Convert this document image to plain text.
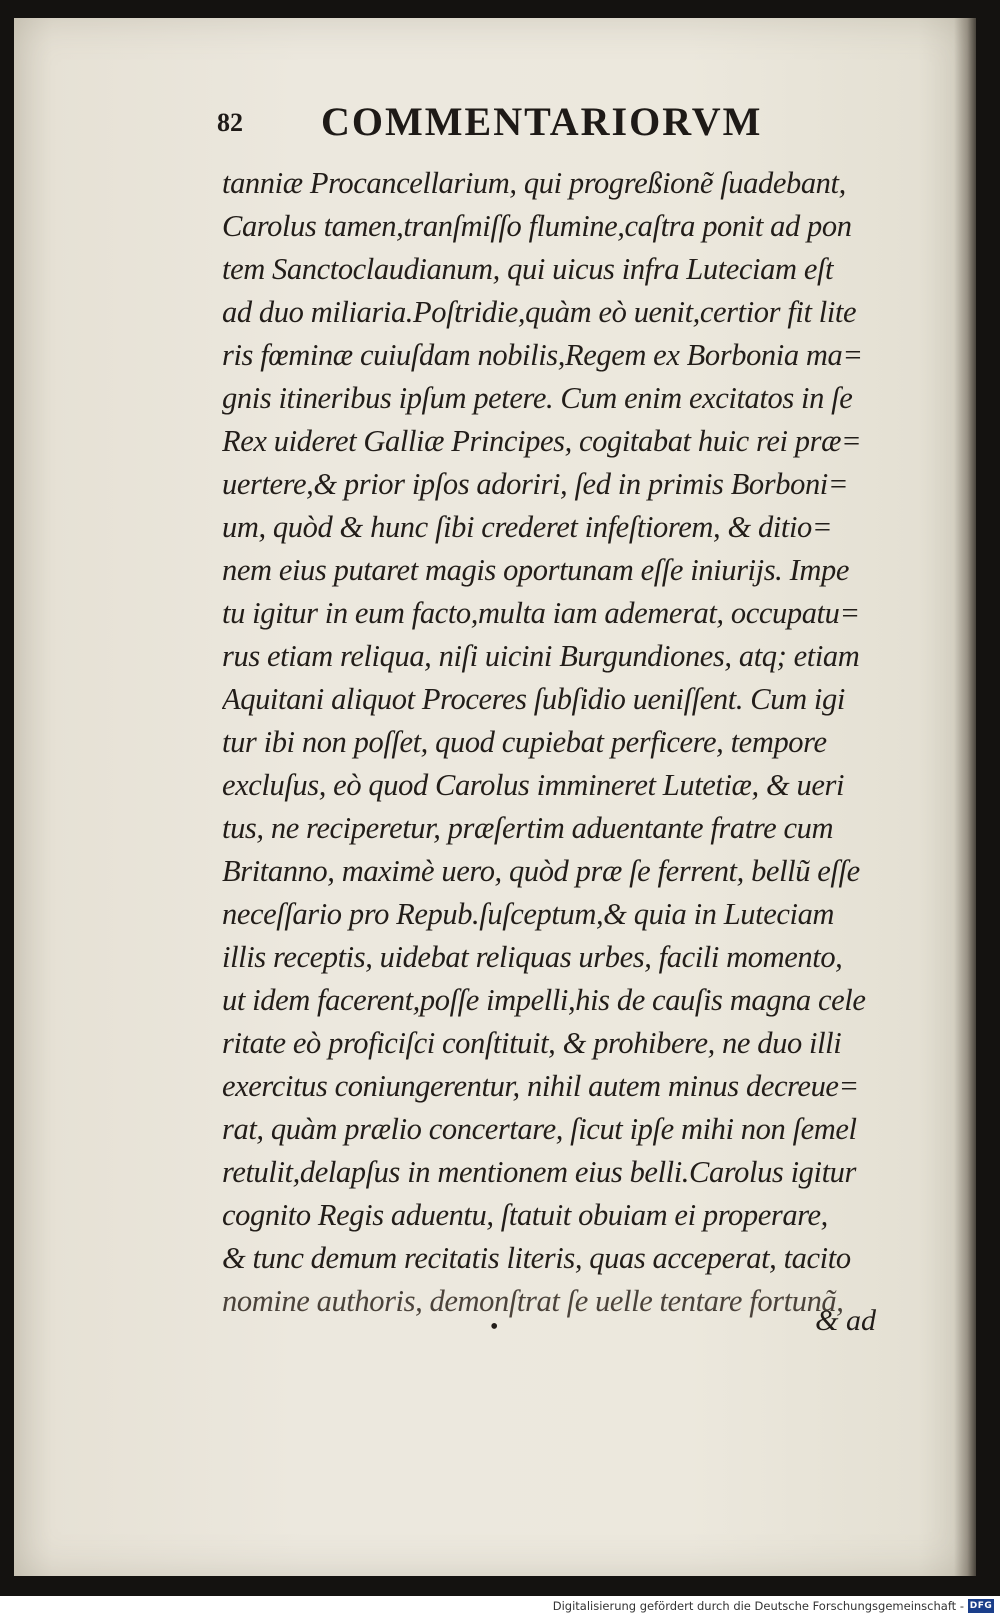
82 COMMENTARIORVM
tanniæ Procancellarium, qui progreßionẽ ſuadebant,
Carolus tamen,tranſmiſſo flumine,caſtra ponit ad pon
tem Sanctoclaudianum, qui uicus infra Luteciam eſt
ad duo miliaria.Poſtridie,quàm eò uenit,certior fit lite
ris fœminæ cuiuſdam nobilis,Regem ex Borbonia ma=
gnis itineribus ipſum petere. Cum enim excitatos in ſe
Rex uideret Galliæ Principes, cogitabat huic rei præ=
uertere,& prior ipſos adoriri, ſed in primis Borboni=
um, quòd & hunc ſibi crederet infeſtiorem, & ditio=
nem eius putaret magis oportunam eſſe iniurijs. Impe
tu igitur in eum facto,multa iam ademerat, occupatu=
rus etiam reliqua, niſi uicini Burgundiones, atq; etiam
Aquitani aliquot Proceres ſubſidio ueniſſent. Cum igi
tur ibi non poſſet, quod cupiebat perficere, tempore
excluſus, eò quod Carolus immineret Lutetiæ, & ueri
tus, ne reciperetur, præſertim aduentante fratre cum
Britanno, maximè uero, quòd præ ſe ferrent, bellũ eſſe
neceſſario pro Repub.ſuſceptum,& quia in Luteciam
illis receptis, uidebat reliquas urbes, facili momento,
ut idem facerent,poſſe impelli,his de cauſis magna cele
ritate eò proficiſci conſtituit, & prohibere, ne duo illi
exercitus coniungerentur, nihil autem minus decreue=
rat, quàm prælio concertare, ſicut ipſe mihi non ſemel
retulit,delapſus in mentionem eius belli.Carolus igitur
cognito Regis aduentu, ſtatuit obuiam ei properare,
& tunc demum recitatis literis, quas acceperat, tacito
nomine authoris, demonſtrat ſe uelle tentare fortunã,
•	& ad
Digitalisierung gefördert durch die Deutsche Forschungsgemeinschaft - DFG
